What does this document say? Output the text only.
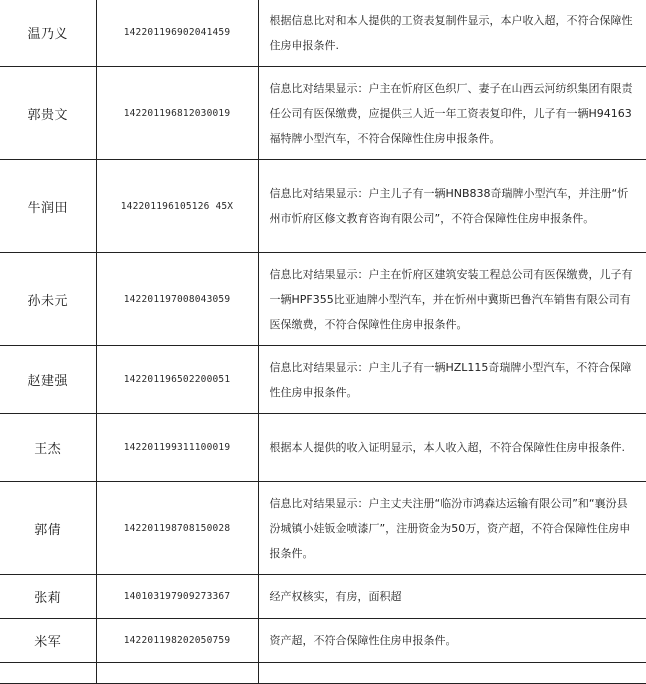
温乃义	142201196902041459	根据信息比对和本人提供的工资表复制件显示，本户收入超，不符合保障性住房申报条件.
郭贵文	142201196812030019	信息比对结果显示：户主在忻府区色织厂、妻子在山西云河纺织集团有限责任公司有医保缴费，应提供三人近一年工资表复印件，儿子有一辆H94163福特牌小型汽车，不符合保障性住房申报条件。
牛润田	142201196105126 45X	信息比对结果显示：户主儿子有一辆HNB838奇瑞牌小型汽车，并注册“忻州市忻府区修文教育咨询有限公司”，不符合保障性住房申报条件。
孙未元	142201197008043059	信息比对结果显示：户主在忻府区建筑安装工程总公司有医保缴费，儿子有一辆HPF355比亚迪牌小型汽车，并在忻州中冀斯巴鲁汽车销售有限公司有医保缴费，不符合保障性住房申报条件。
赵建强	142201196502200051	信息比对结果显示：户主儿子有一辆HZL115奇瑞牌小型汽车，不符合保障性住房申报条件。
王杰	142201199311100019	根据本人提供的收入证明显示，本人收入超，不符合保障性住房申报条件.
郭倩	142201198708150028	信息比对结果显示：户主丈夫注册“临汾市鸿森达运输有限公司”和“襄汾县汾城镇小娃钣金喷漆厂”，注册资金为50万，资产超，不符合保障性住房申报条件。
张莉	140103197909273367	经产权核实，有房，面积超
米军	142201198202050759	资产超，不符合保障性住房申报条件。
